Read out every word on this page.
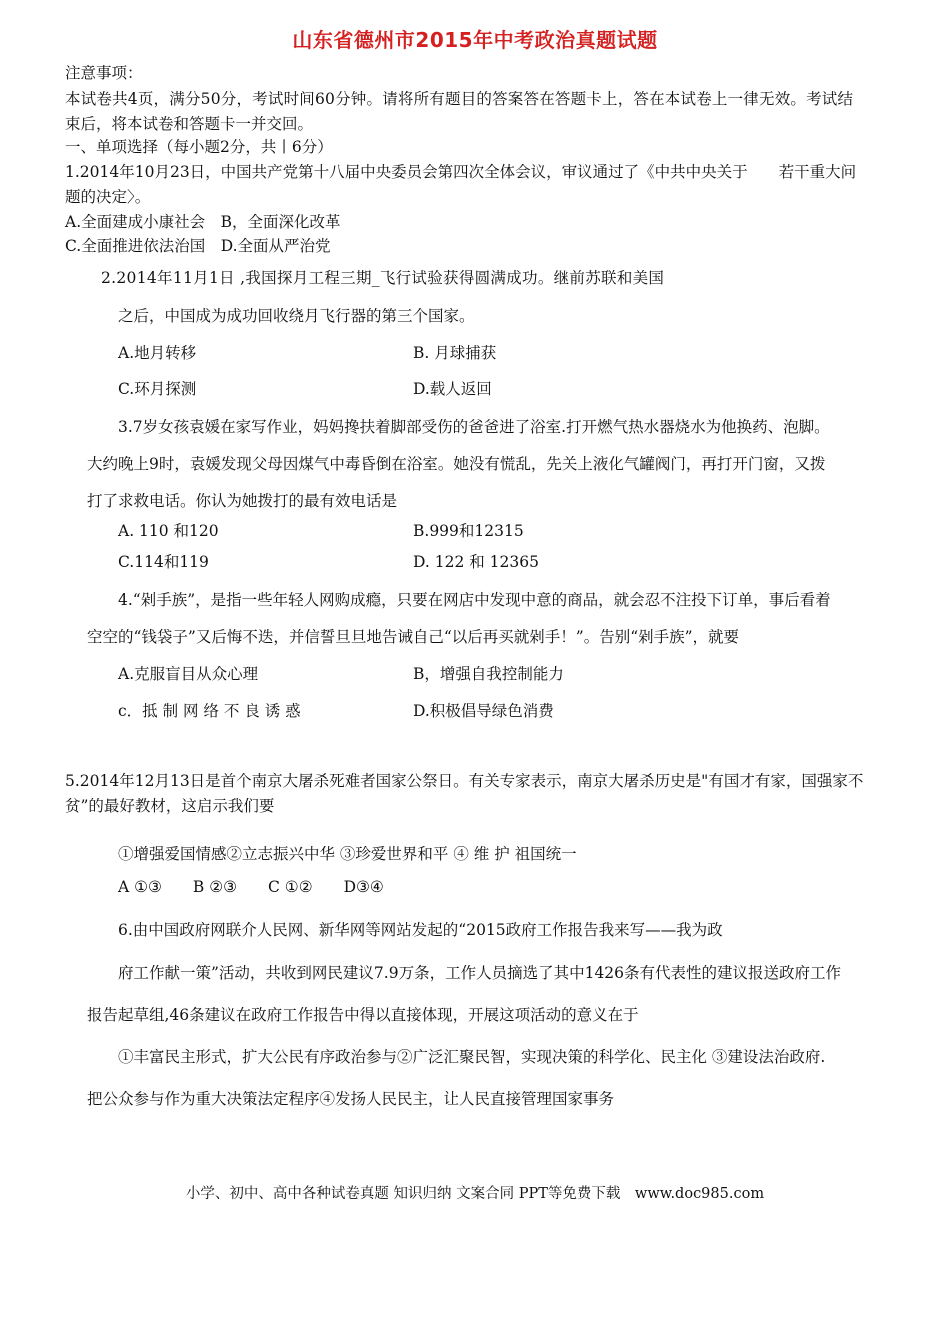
山东省德州市2015年中考政治真题试题
注意事项：
本试卷共4页，满分50分，考试时间60分钟。请将所有题目的答案答在答题卡上，答在本试卷上一律无效。考试结
束后，将本试卷和答题卡一并交回。
一、单项选择（每小题2分，共丨6分）
1.2014年10月23日，中国共产党第十八届中央委员会第四次全体会议，审议通过了《中共中央关于　　若干重大问
题的决定〉。
A.全面建成小康社会　B，全面深化改革
C.全面推进依法治国　D.全面从严治党
2.2014年11月1日 ,我国探月工程三期_飞行试验获得圆满成功。继前苏联和美国
之后，中国成为成功回收绕月飞行器的第三个国家。
A.地月转移	B. 月球捕获
C.环月探测	D.载人返回
3.7岁女孩袁媛在家写作业，妈妈搀扶着脚部受伤的爸爸进了浴室.打开燃气热水器烧水为他换药、泡脚。
大约晚上9时，袁媛发现父母因煤气中毒昏倒在浴室。她没有慌乱，先关上液化气罐阀门，再打开门窗，又拨
打了求救电话。你认为她拨打的最有效电话是
A. 110 和120	B.999和12315
C.114和119	D. 122 和 12365
4.“剁手族”，是指一些年轻人网购成瘾，只要在网店中发现中意的商品，就会忍不注投下订单，事后看着
空空的“钱袋子”又后悔不迭，并信誓旦旦地告诫自己“以后再买就剁手！”。告别“剁手族”，就要
A.克服盲目从众心理	B，增强自我控制能力
c．抵 制 网 络 不 良 诱 惑	D.积极倡导绿色消费
5.2014年12月13日是首个南京大屠杀死难者国家公祭日。有关专家表示，南京大屠杀历史是"有国才有家，国强家不
贫”的最好教材，这启示我们要
①增强爱国情感②立志振兴中华 ③珍爱世界和平 ④ 维 护 祖国统一
A ①③　　B ②③　　C ①②　　D③④
6.由中国政府网联介人民网、新华网等网站发起的“2015政府工作报告我来写——我为政
府工作献一策”活动，共收到网民建议7.9万条，工作人员摘选了其中1426条有代表性的建议报送政府工作
报告起草组,46条建议在政府工作报告中得以直接体现，开展这项活动的意义在于
①丰富民主形式，扩大公民有序政治参与②广泛汇聚民智，实现决策的科学化、民主化 ③建设法治政府.
把公众参与作为重大决策法定程序④发扬人民民主，让人民直接管理国家事务
小学、初中、高中各种试卷真题 知识归纳 文案合同 PPT等免费下载　www.doc985.com
